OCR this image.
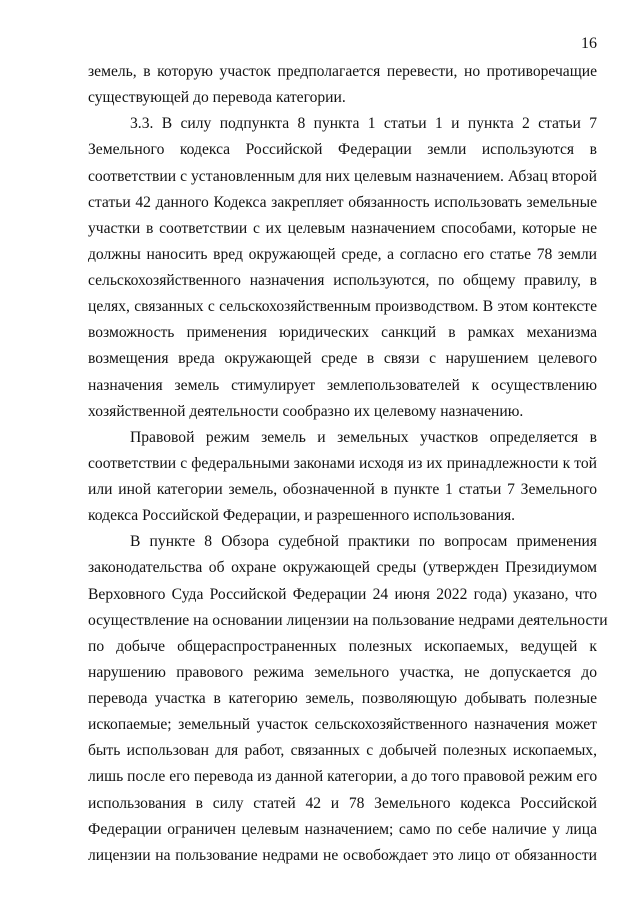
16
земель, в которую участок предполагается перевести, но противоречащие
существующей до перевода категории.
3.3. В силу подпункта 8 пункта 1 статьи 1 и пункта 2 статьи 7
Земельного кодекса Российской Федерации земли используются в
соответствии с установленным для них целевым назначением. Абзац второй
статьи 42 данного Кодекса закрепляет обязанность использовать земельные
участки в соответствии с их целевым назначением способами, которые не
должны наносить вред окружающей среде, а согласно его статье 78 земли
сельскохозяйственного назначения используются, по общему правилу, в
целях, связанных с сельскохозяйственным производством. В этом контексте
возможность применения юридических санкций в рамках механизма
возмещения вреда окружающей среде в связи с нарушением целевого
назначения земель стимулирует землепользователей к осуществлению
хозяйственной деятельности сообразно их целевому назначению.
Правовой режим земель и земельных участков определяется в
соответствии с федеральными законами исходя из их принадлежности к той
или иной категории земель, обозначенной в пункте 1 статьи 7 Земельного
кодекса Российской Федерации, и разрешенного использования.
В пункте 8 Обзора судебной практики по вопросам применения
законодательства об охране окружающей среды (утвержден Президиумом
Верховного Суда Российской Федерации 24 июня 2022 года) указано, что
осуществление на основании лицензии на пользование недрами деятельности
по добыче общераспространенных полезных ископаемых, ведущей к
нарушению правового режима земельного участка, не допускается до
перевода участка в категорию земель, позволяющую добывать полезные
ископаемые; земельный участок сельскохозяйственного назначения может
быть использован для работ, связанных с добычей полезных ископаемых,
лишь после его перевода из данной категории, а до того правовой режим его
использования в силу статей 42 и 78 Земельного кодекса Российской
Федерации ограничен целевым назначением; само по себе наличие у лица
лицензии на пользование недрами не освобождает это лицо от обязанности
